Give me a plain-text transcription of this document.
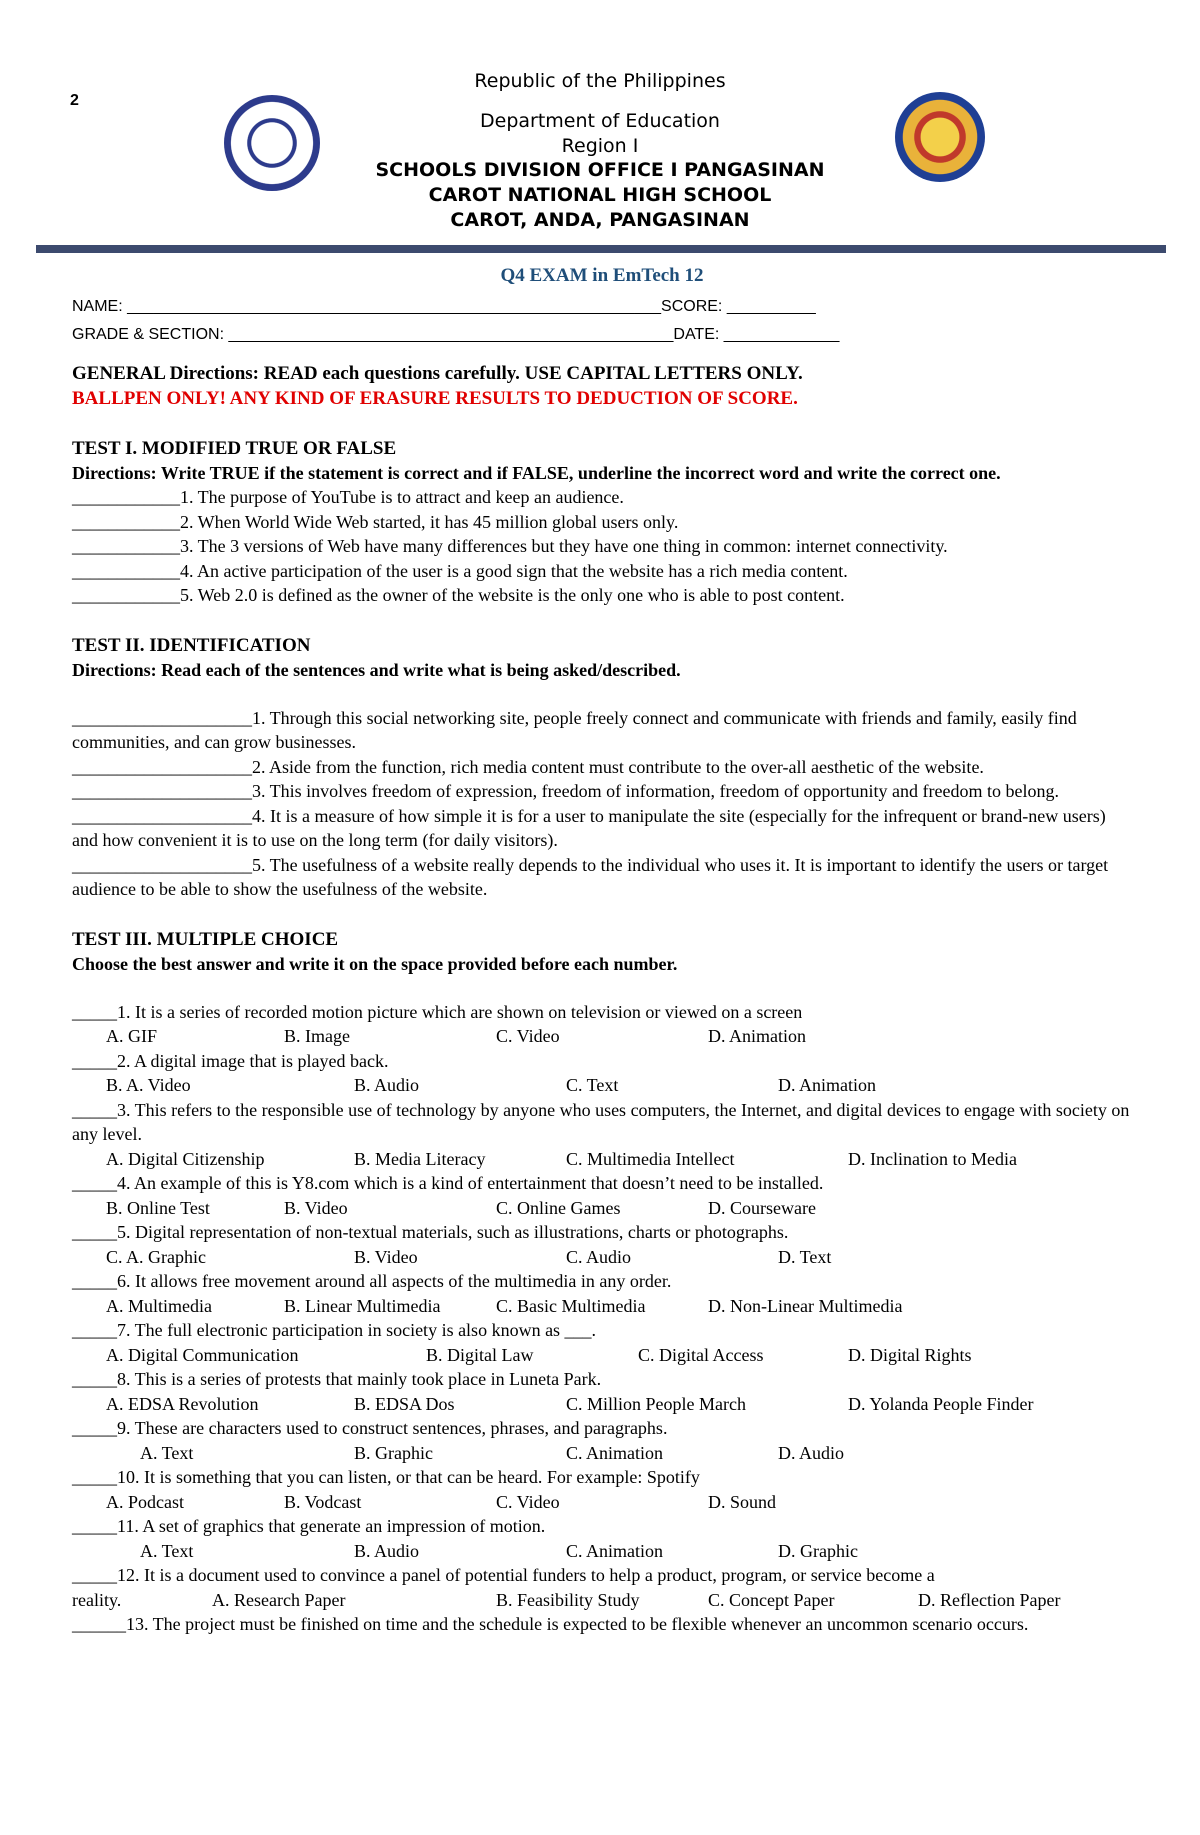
2
Republic of the Philippines
Department of Education
Region I
SCHOOLS DIVISION OFFICE I PANGASINAN
CAROT NATIONAL HIGH SCHOOL
CAROT, ANDA, PANGASINAN
Q4 EXAM in EmTech 12
NAME: ____________________________________________________________SCORE: __________
GRADE & SECTION: __________________________________________________DATE: _____________
GENERAL Directions: READ each questions carefully. USE CAPITAL LETTERS ONLY.
BALLPEN ONLY! ANY KIND OF ERASURE RESULTS TO DEDUCTION OF SCORE.
TEST I. MODIFIED TRUE OR FALSE
Directions: Write TRUE if the statement is correct and if FALSE, underline the incorrect word and write the correct one.
____________1. The purpose of YouTube is to attract and keep an audience.
____________2. When World Wide Web started, it has 45 million global users only.
____________3. The 3 versions of Web have many differences but they have one thing in common: internet connectivity.
____________4. An active participation of the user is a good sign that the website has a rich media content.
____________5. Web 2.0 is defined as the owner of the website is the only one who is able to post content.
TEST II. IDENTIFICATION
Directions: Read each of the sentences and write what is being asked/described.
____________________1. Through this social networking site, people freely connect and communicate with friends and family, easily find communities, and can grow businesses.
____________________2. Aside from the function, rich media content must contribute to the over-all aesthetic of the website.
____________________3. This involves freedom of expression, freedom of information, freedom of opportunity and freedom to belong.
____________________4. It is a measure of how simple it is for a user to manipulate the site (especially for the infrequent or brand-new users) and how convenient it is to use on the long term (for daily visitors).
____________________5. The usefulness of a website really depends to the individual who uses it. It is important to identify the users or target audience to be able to show the usefulness of the website.
TEST III. MULTIPLE CHOICE
Choose the best answer and write it on the space provided before each number.
_____1. It is a series of recorded motion picture which are shown on television or viewed on a screen
A. GIF	B. Image	C. Video	D. Animation
_____2. A digital image that is played back.
B. A. Video	B. Audio	C. Text	D. Animation
_____3. This refers to the responsible use of technology by anyone who uses computers, the Internet, and digital devices to engage with society on any level.
A. Digital Citizenship	B. Media Literacy	C. Multimedia Intellect	D. Inclination to Media
_____4. An example of this is Y8.com which is a kind of entertainment that doesn’t need to be installed.
B. Online Test	B. Video	C. Online Games	D. Courseware
_____5. Digital representation of non-textual materials, such as illustrations, charts or photographs.
C. A. Graphic	B. Video	C. Audio	D. Text
_____6. It allows free movement around all aspects of the multimedia in any order.
A. Multimedia	B. Linear Multimedia	C. Basic Multimedia	D. Non-Linear Multimedia
_____7. The full electronic participation in society is also known as ___.
A. Digital Communication	B. Digital Law	C. Digital Access	D. Digital Rights
_____8. This is a series of protests that mainly took place in Luneta Park.
A. EDSA Revolution	B. EDSA Dos	C. Million People March	D. Yolanda People Finder
_____9. These are characters used to construct sentences, phrases, and paragraphs.
A. Text	B. Graphic	C. Animation	D. Audio
_____10. It is something that you can listen, or that can be heard. For example: Spotify
A. Podcast	B. Vodcast	C. Video	D. Sound
_____11. A set of graphics that generate an impression of motion.
A. Text	B. Audio	C. Animation	D. Graphic
_____12. It is a document used to convince a panel of potential funders to help a product, program, or service become a
reality.	A. Research Paper	B. Feasibility Study	C. Concept Paper	D. Reflection Paper
______13. The project must be finished on time and the schedule is expected to be flexible whenever an uncommon scenario occurs.
